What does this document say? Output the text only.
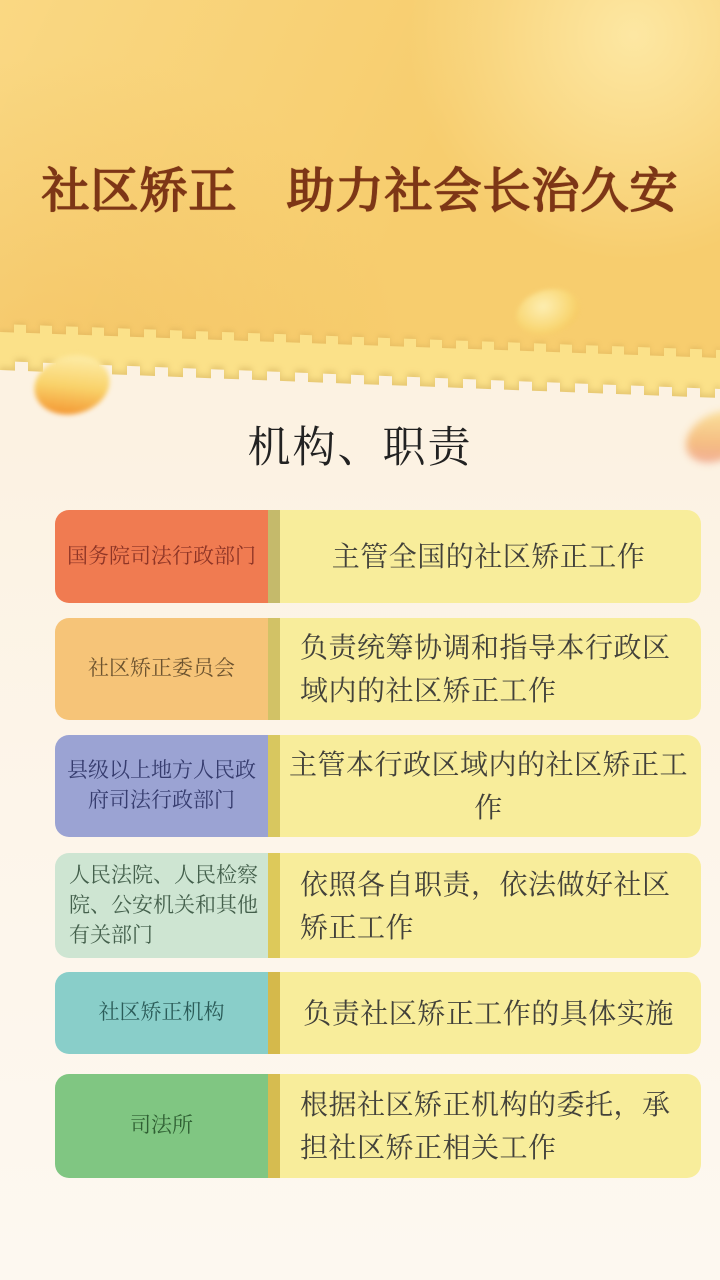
社区矫正　助力社会长治久安
机构、职责
国务院司法行政部门	主管全国的社区矫正工作
社区矫正委员会
负责统筹协调和指导本行政区域内的社区矫正工作
县级以上地方人民政府司法行政部门
主管本行政区域内的社区矫正工作
人民法院、人民检察院、公安机关和其他有关部门
依照各自职责，依法做好社区矫正工作
社区矫正机构	负责社区矫正工作的具体实施
司法所
根据社区矫正机构的委托，承担社区矫正相关工作
